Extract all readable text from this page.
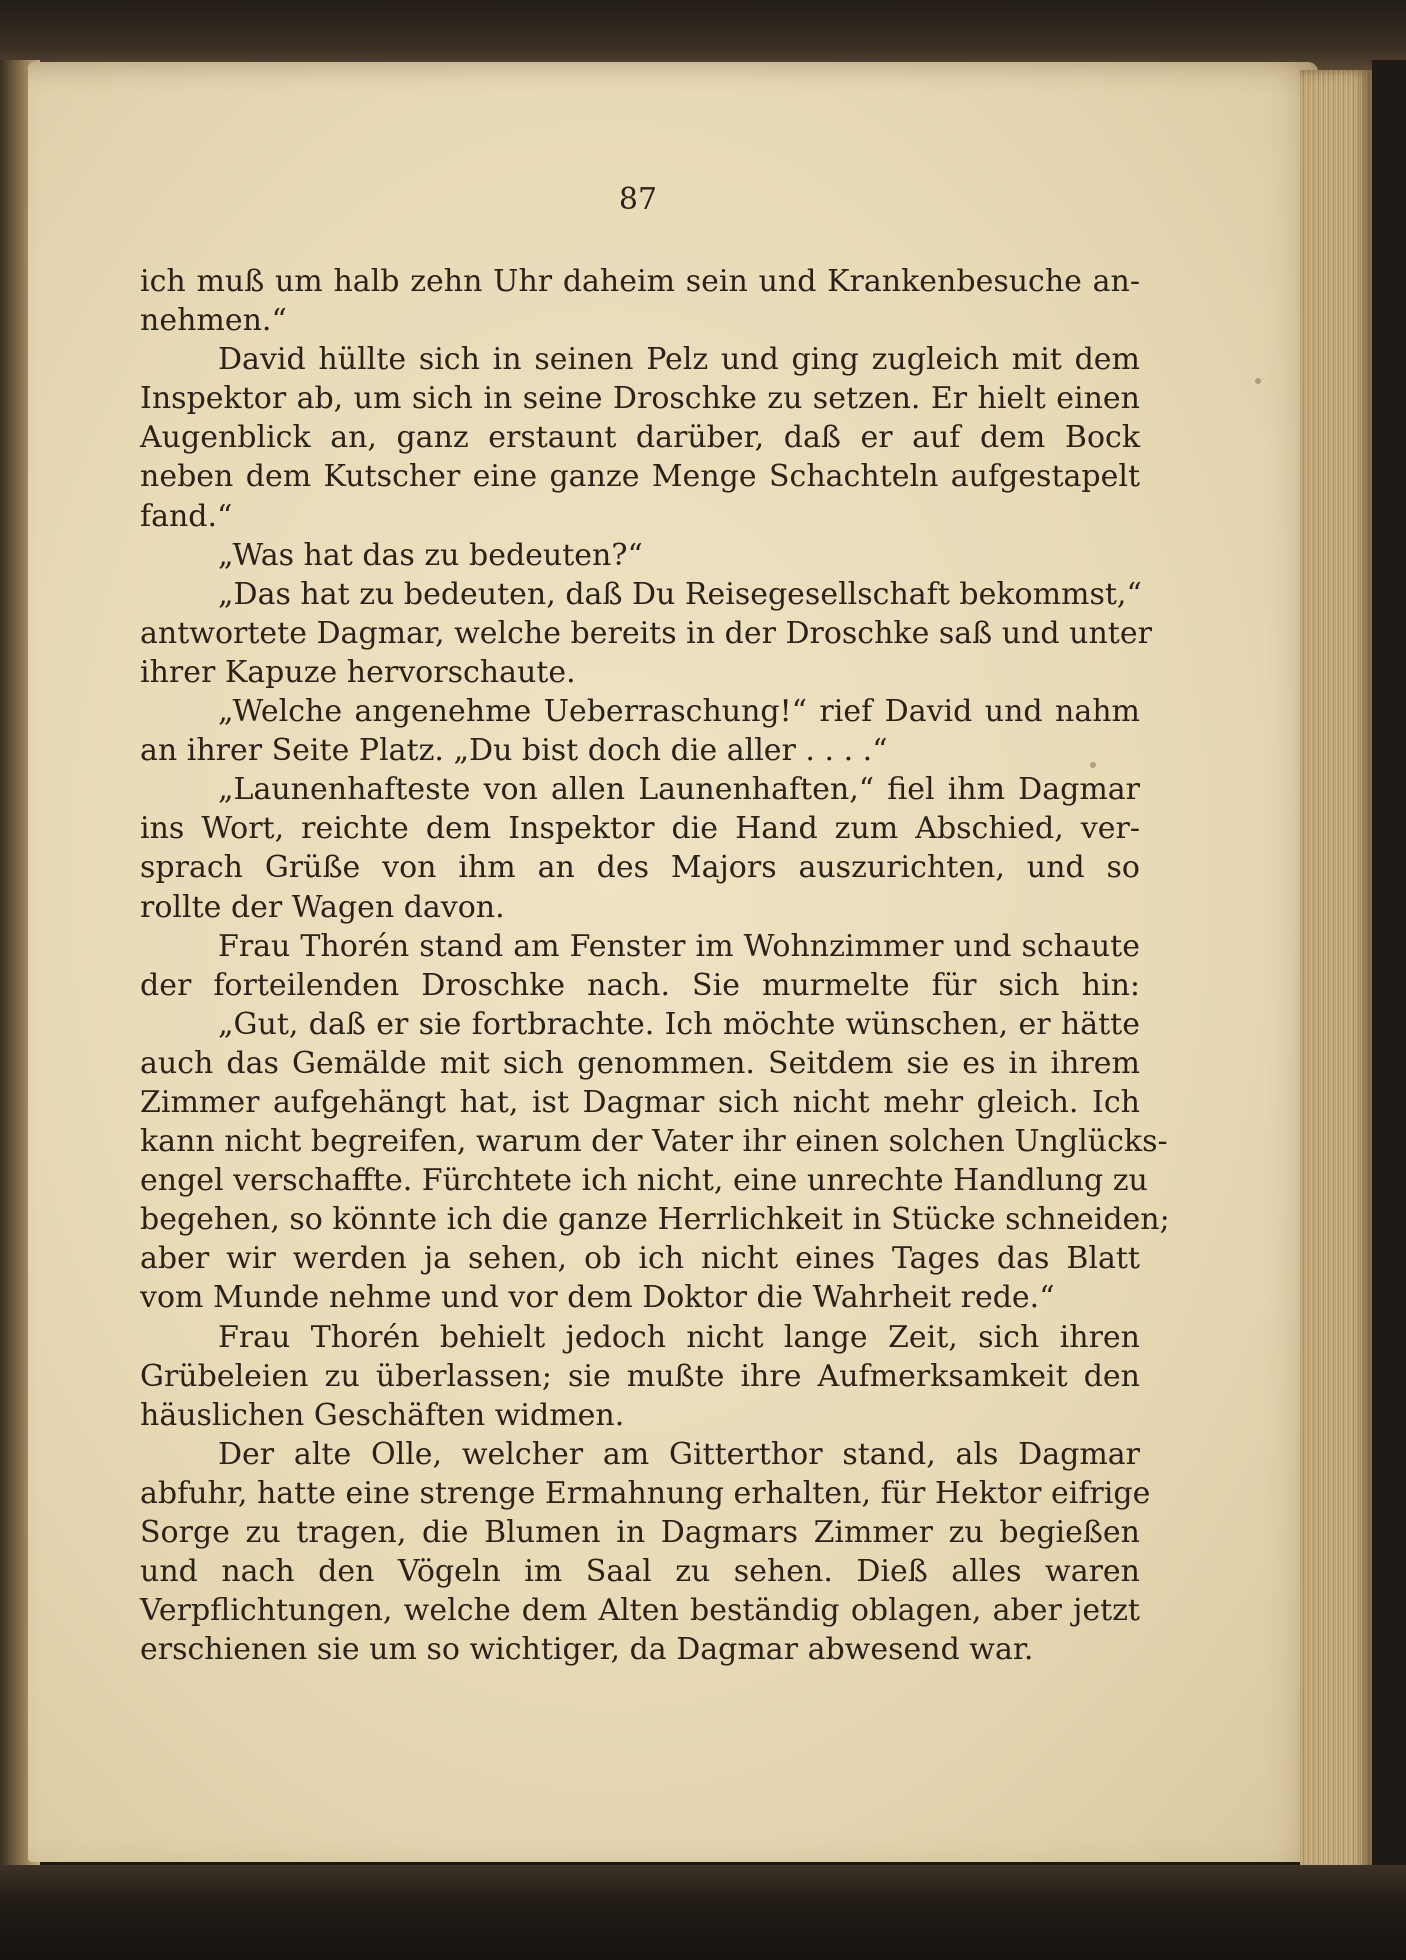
87
ich muß um halb zehn Uhr daheim sein und Krankenbesuche an-
nehmen.“
David hüllte sich in seinen Pelz und ging zugleich mit dem
Inspektor ab, um sich in seine Droschke zu setzen. Er hielt einen
Augenblick an, ganz erstaunt darüber, daß er auf dem Bock
neben dem Kutscher eine ganze Menge Schachteln aufgestapelt
fand.“
„Was hat das zu bedeuten?“
„Das hat zu bedeuten, daß Du Reisegesellschaft bekommst,“
antwortete Dagmar, welche bereits in der Droschke saß und unter
ihrer Kapuze hervorschaute.
„Welche angenehme Ueberraschung!“ rief David und nahm
an ihrer Seite Platz. „Du bist doch die aller . . . .“
„Launenhafteste von allen Launenhaften,“ fiel ihm Dagmar
ins Wort, reichte dem Inspektor die Hand zum Abschied, ver-
sprach Grüße von ihm an des Majors auszurichten, und so
rollte der Wagen davon.
Frau Thorén stand am Fenster im Wohnzimmer und schaute
der forteilenden Droschke nach. Sie murmelte für sich hin:
„Gut, daß er sie fortbrachte. Ich möchte wünschen, er hätte
auch das Gemälde mit sich genommen. Seitdem sie es in ihrem
Zimmer aufgehängt hat, ist Dagmar sich nicht mehr gleich. Ich
kann nicht begreifen, warum der Vater ihr einen solchen Unglücks-
engel verschaffte. Fürchtete ich nicht, eine unrechte Handlung zu
begehen, so könnte ich die ganze Herrlichkeit in Stücke schneiden;
aber wir werden ja sehen, ob ich nicht eines Tages das Blatt
vom Munde nehme und vor dem Doktor die Wahrheit rede.“
Frau Thorén behielt jedoch nicht lange Zeit, sich ihren
Grübeleien zu überlassen; sie mußte ihre Aufmerksamkeit den
häuslichen Geschäften widmen.
Der alte Olle, welcher am Gitterthor stand, als Dagmar
abfuhr, hatte eine strenge Ermahnung erhalten, für Hektor eifrige
Sorge zu tragen, die Blumen in Dagmars Zimmer zu begießen
und nach den Vögeln im Saal zu sehen. Dieß alles waren
Verpflichtungen, welche dem Alten beständig oblagen, aber jetzt
erschienen sie um so wichtiger, da Dagmar abwesend war.
